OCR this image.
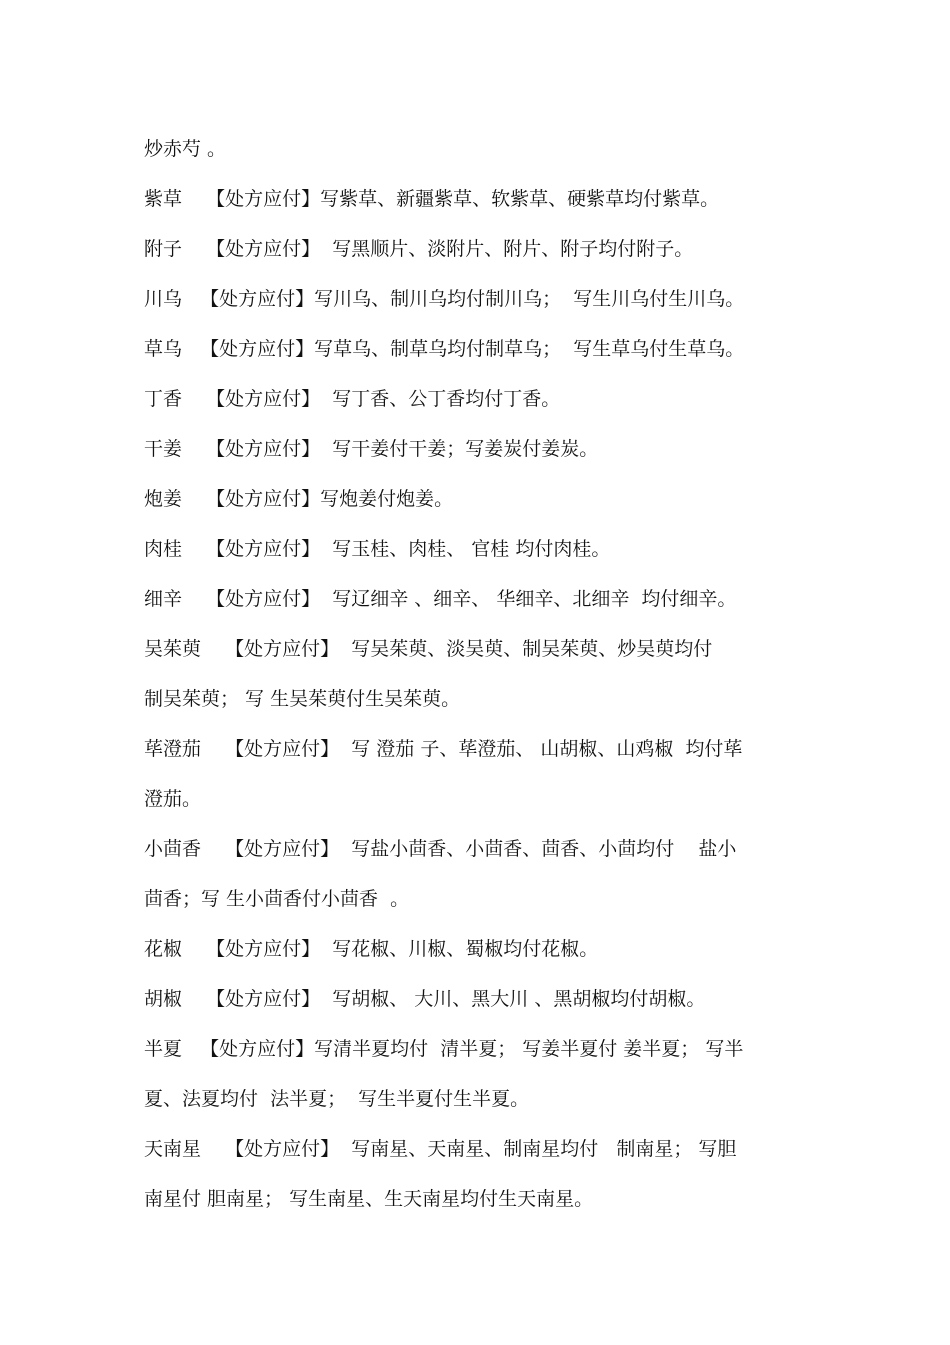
炒赤芍 。
紫草    【处方应付】写紫草、新疆紫草、软紫草、硬紫草均付紫草。
附子    【处方应付】  写黑顺片、淡附片、附片、附子均付附子。
川乌   【处方应付】写川乌、制川乌均付制川乌；  写生川乌付生川乌。
草乌   【处方应付】写草乌、制草乌均付制草乌；  写生草乌付生草乌。
丁香    【处方应付】  写丁香、公丁香均付丁香。
干姜    【处方应付】  写干姜付干姜；写姜炭付姜炭。
炮姜    【处方应付】写炮姜付炮姜。
肉桂    【处方应付】  写玉桂、肉桂、 官桂 均付肉桂。
细辛    【处方应付】  写辽细辛 、细辛、 华细辛、北细辛  均付细辛。
吴茱萸    【处方应付】  写吴茱萸、淡吴萸、制吴茱萸、炒吴萸均付
制吴茱萸； 写 生吴茱萸付生吴茱萸。
荜澄茄    【处方应付】  写 澄茄 子、荜澄茄、 山胡椒、山鸡椒  均付荜
澄茄。
小茴香    【处方应付】  写盐小茴香、小茴香、茴香、小茴均付    盐小
茴香；写 生小茴香付小茴香  。
花椒    【处方应付】  写花椒、川椒、蜀椒均付花椒。
胡椒    【处方应付】  写胡椒、 大川、黑大川 、黑胡椒均付胡椒。
半夏   【处方应付】写清半夏均付  清半夏； 写姜半夏付 姜半夏； 写半
夏、法夏均付  法半夏；  写生半夏付生半夏。
天南星    【处方应付】  写南星、天南星、制南星均付   制南星； 写胆
南星付 胆南星； 写生南星、生天南星均付生天南星。
